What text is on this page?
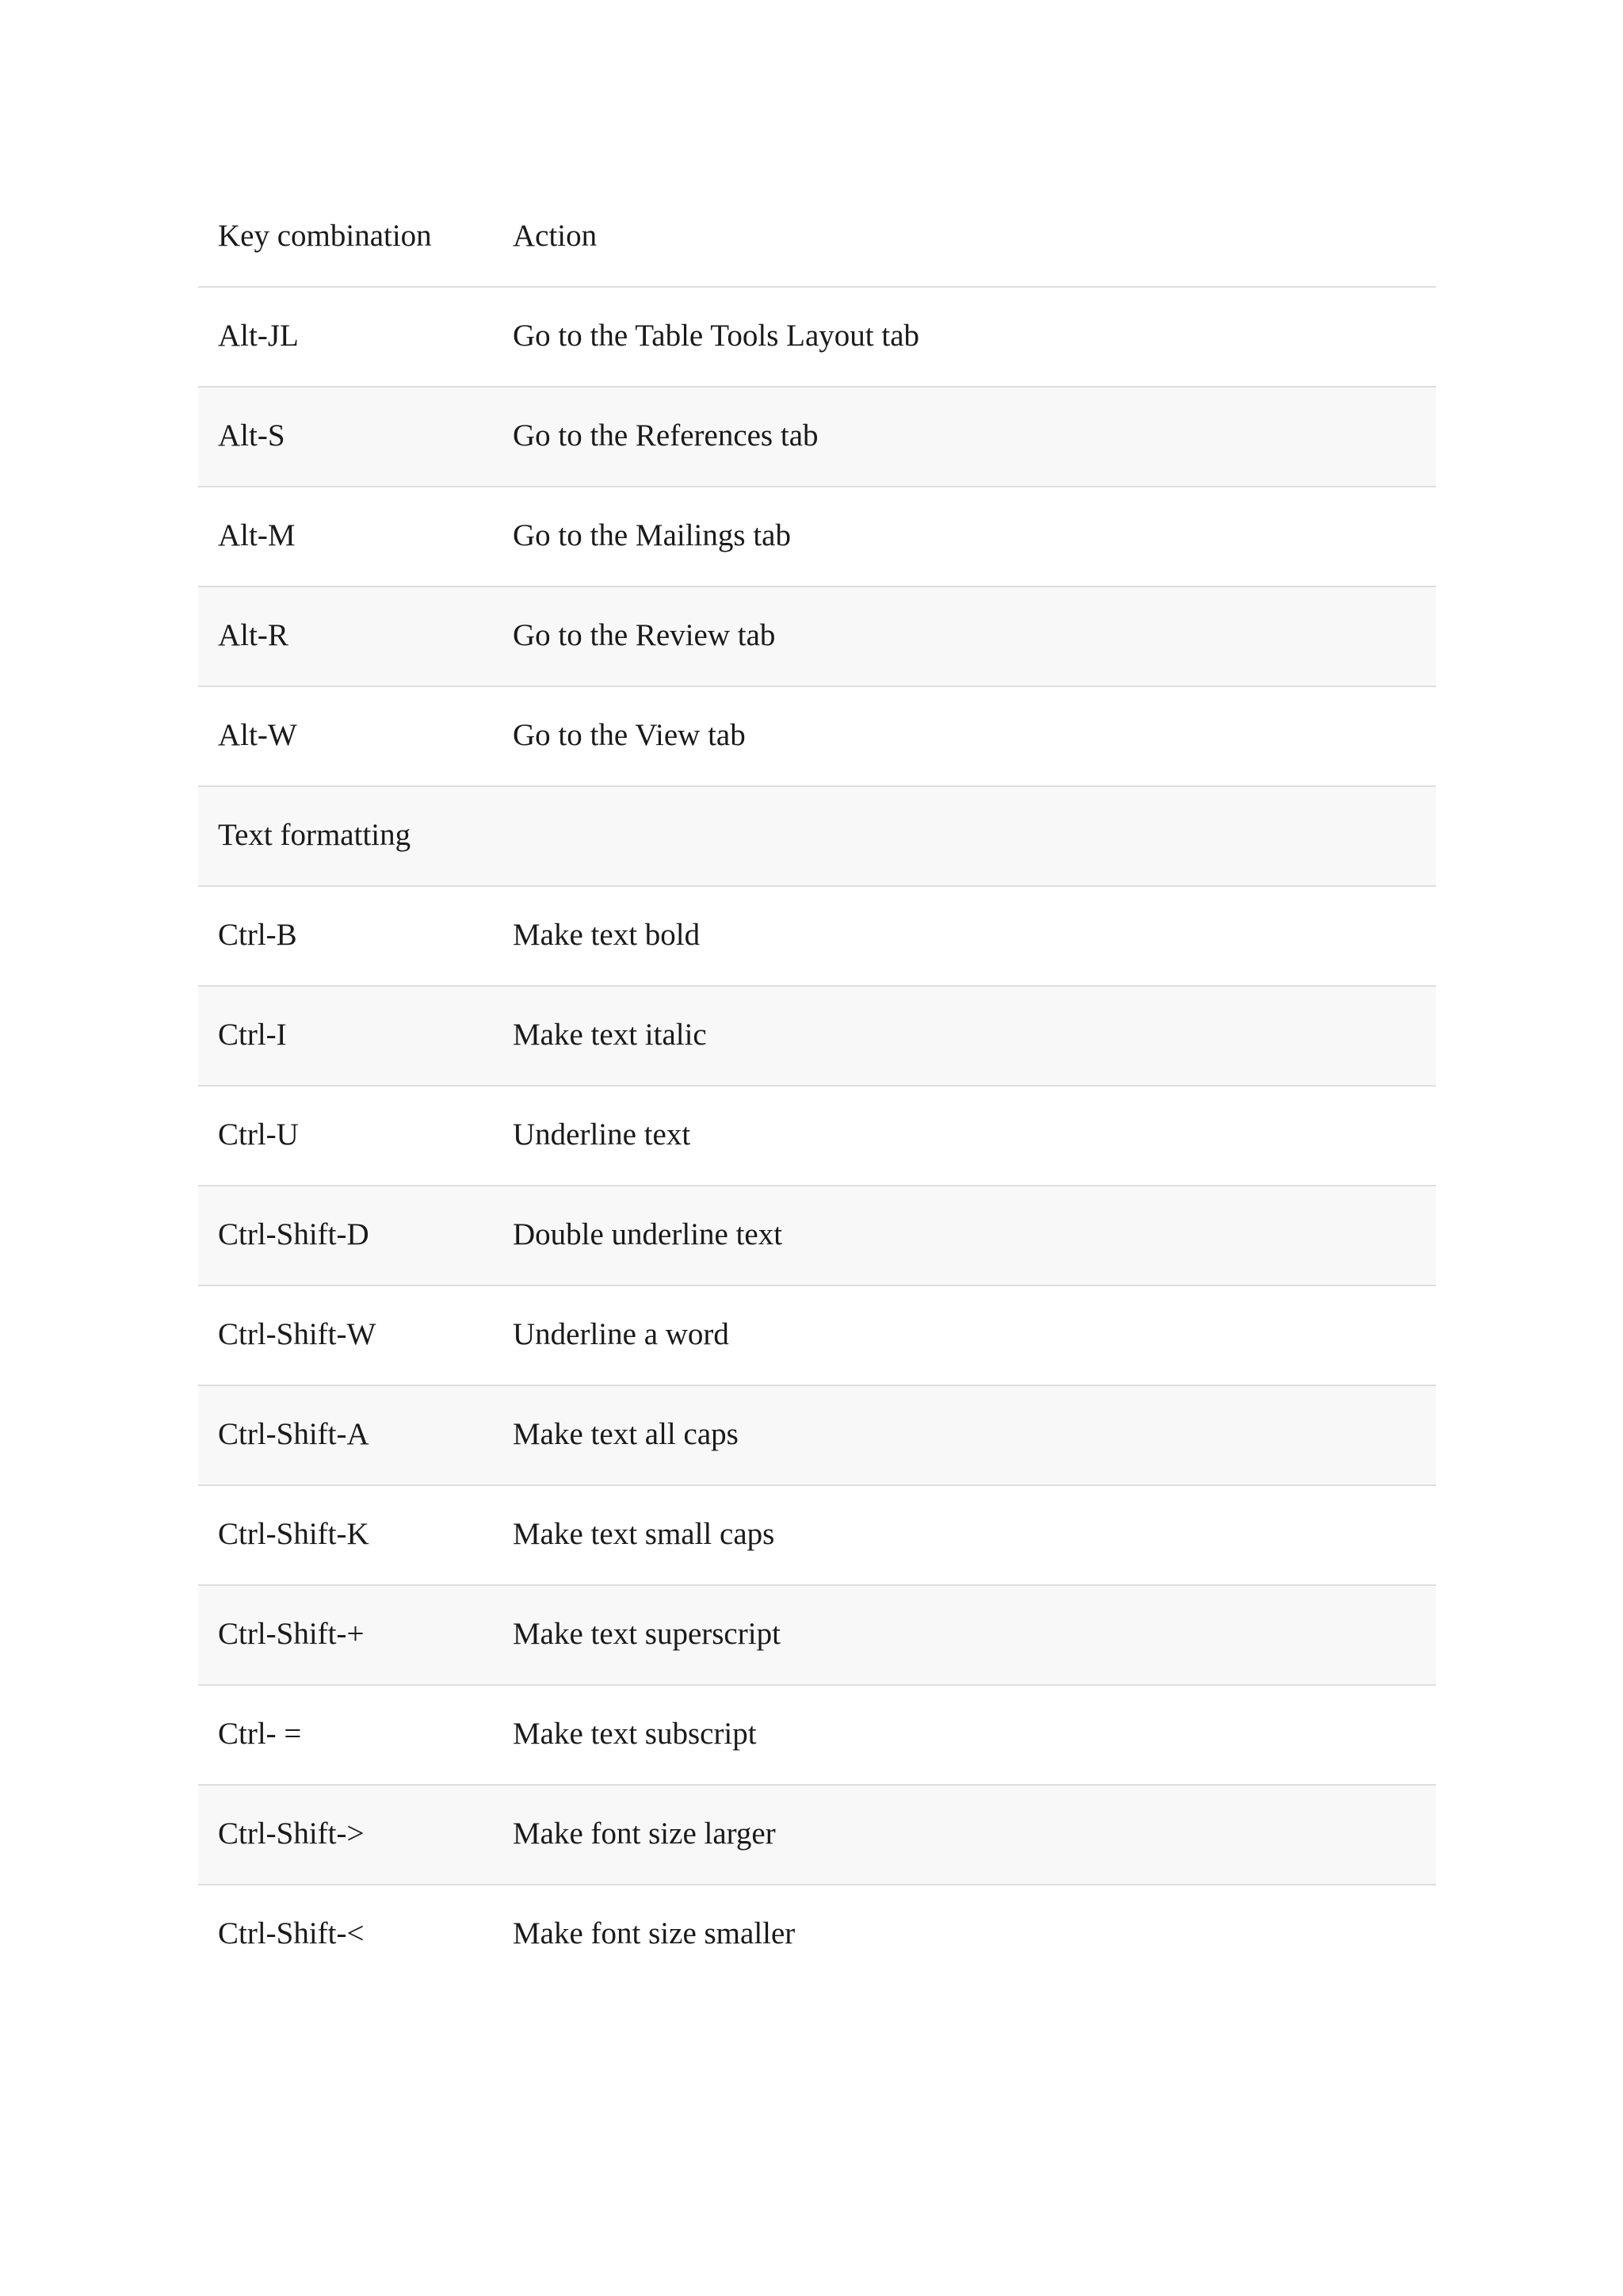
Key combination	Action
Alt-JL	Go to the Table Tools Layout tab
Alt-S	Go to the References tab
Alt-M	Go to the Mailings tab
Alt-R	Go to the Review tab
Alt-W	Go to the View tab
Text formatting
Ctrl-B	Make text bold
Ctrl-I	Make text italic
Ctrl-U	Underline text
Ctrl-Shift-D	Double underline text
Ctrl-Shift-W	Underline a word
Ctrl-Shift-A	Make text all caps
Ctrl-Shift-K	Make text small caps
Ctrl-Shift-+	Make text superscript
Ctrl- =	Make text subscript
Ctrl-Shift->	Make font size larger
Ctrl-Shift-<	Make font size smaller
